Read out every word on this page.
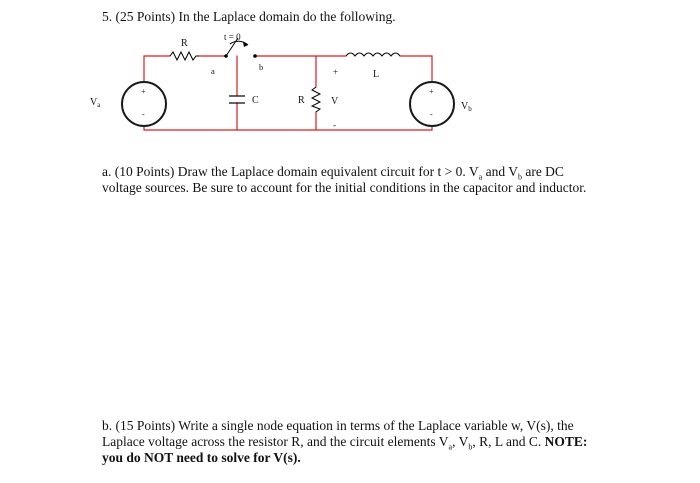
5. (25 Points) In the Laplace domain do the following.
+
-
+
-
R
t = 0
a	b
C	R
+
V
-
L
$V_a$	$V_b$
a. (10 Points) Draw the Laplace domain equivalent circuit for t > 0. $V_a$ and $V_b$ are DC
voltage sources. Be sure to account for the initial conditions in the capacitor and inductor.
b. (15 Points) Write a single node equation in terms of the Laplace variable w, V(s), the
Laplace voltage across the resistor R, and the circuit elements $V_a$, $V_b$, R, L and C. NOTE:
you do NOT need to solve for V(s).
